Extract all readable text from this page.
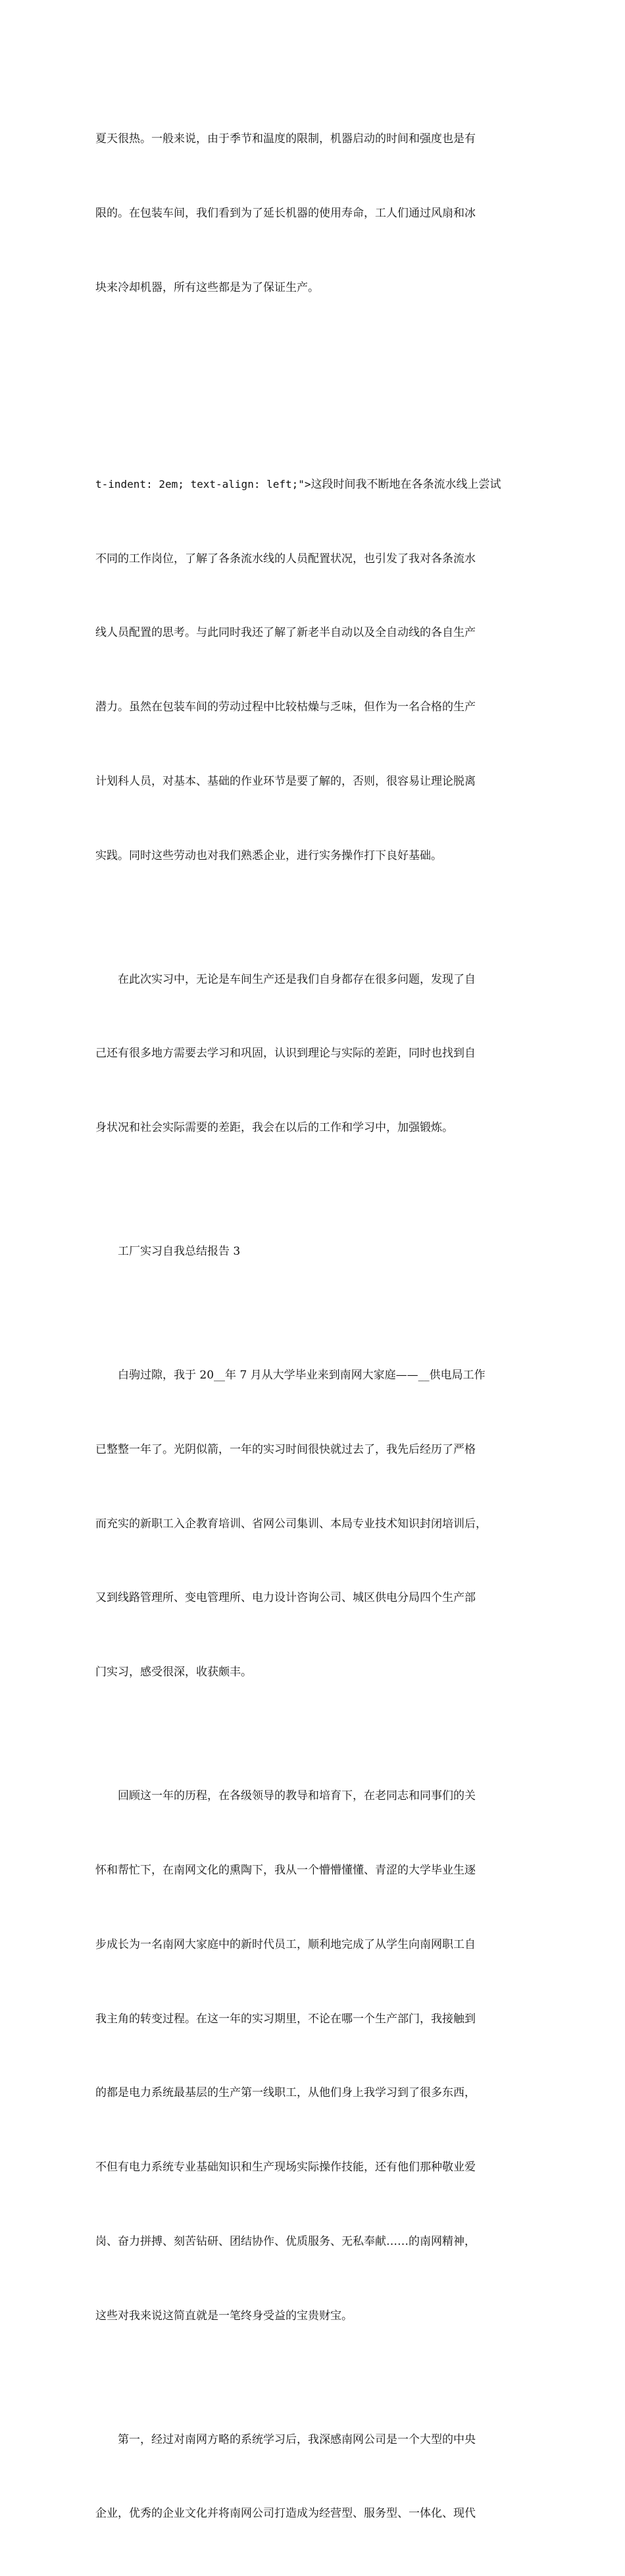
夏天很热。一般来说，由于季节和温度的限制，机器启动的时间和强度也是有

限的。在包装车间，我们看到为了延长机器的使用寿命，工人们通过风扇和冰

块来冷却机器，所有这些都是为了保证生产。

t-indent: 2em; text-align: left;">这段时间我不断地在各条流水线上尝试

不同的工作岗位，了解了各条流水线的人员配置状况，也引发了我对各条流水

线人员配置的思考。与此同时我还了解了新老半自动以及全自动线的各自生产

潜力。虽然在包装车间的劳动过程中比较枯燥与乏味，但作为一名合格的生产

计划科人员，对基本、基础的作业环节是要了解的，否则，很容易让理论脱离

实践。同时这些劳动也对我们熟悉企业，进行实务操作打下良好基础。

　　在此次实习中，无论是车间生产还是我们自身都存在很多问题，发现了自

己还有很多地方需要去学习和巩固，认识到理论与实际的差距，同时也找到自

身状况和社会实际需要的差距，我会在以后的工作和学习中，加强锻炼。

　　工厂实习自我总结报告 3

　　白驹过隙，我于 20__年 7 月从大学毕业来到南网大家庭——__供电局工作

已整整一年了。光阴似箭，一年的实习时间很快就过去了，我先后经历了严格

而充实的新职工入企教育培训、省网公司集训、本局专业技术知识封闭培训后，

又到线路管理所、变电管理所、电力设计咨询公司、城区供电分局四个生产部

门实习，感受很深，收获颇丰。

　　回顾这一年的历程，在各级领导的教导和培育下，在老同志和同事们的关

怀和帮忙下，在南网文化的熏陶下，我从一个懵懵懂懂、青涩的大学毕业生逐

步成长为一名南网大家庭中的新时代员工，顺利地完成了从学生向南网职工自

我主角的转变过程。在这一年的实习期里，不论在哪一个生产部门，我接触到

的都是电力系统最基层的生产第一线职工，从他们身上我学习到了很多东西，

不但有电力系统专业基础知识和生产现场实际操作技能，还有他们那种敬业爱

岗、奋力拼搏、刻苦钻研、团结协作、优质服务、无私奉献……的南网精神，

这些对我来说这简直就是一笔终身受益的宝贵财宝。

　　第一，经过对南网方略的系统学习后，我深感南网公司是一个大型的中央

企业，优秀的企业文化并将南网公司打造成为经营型、服务型、一体化、现代
